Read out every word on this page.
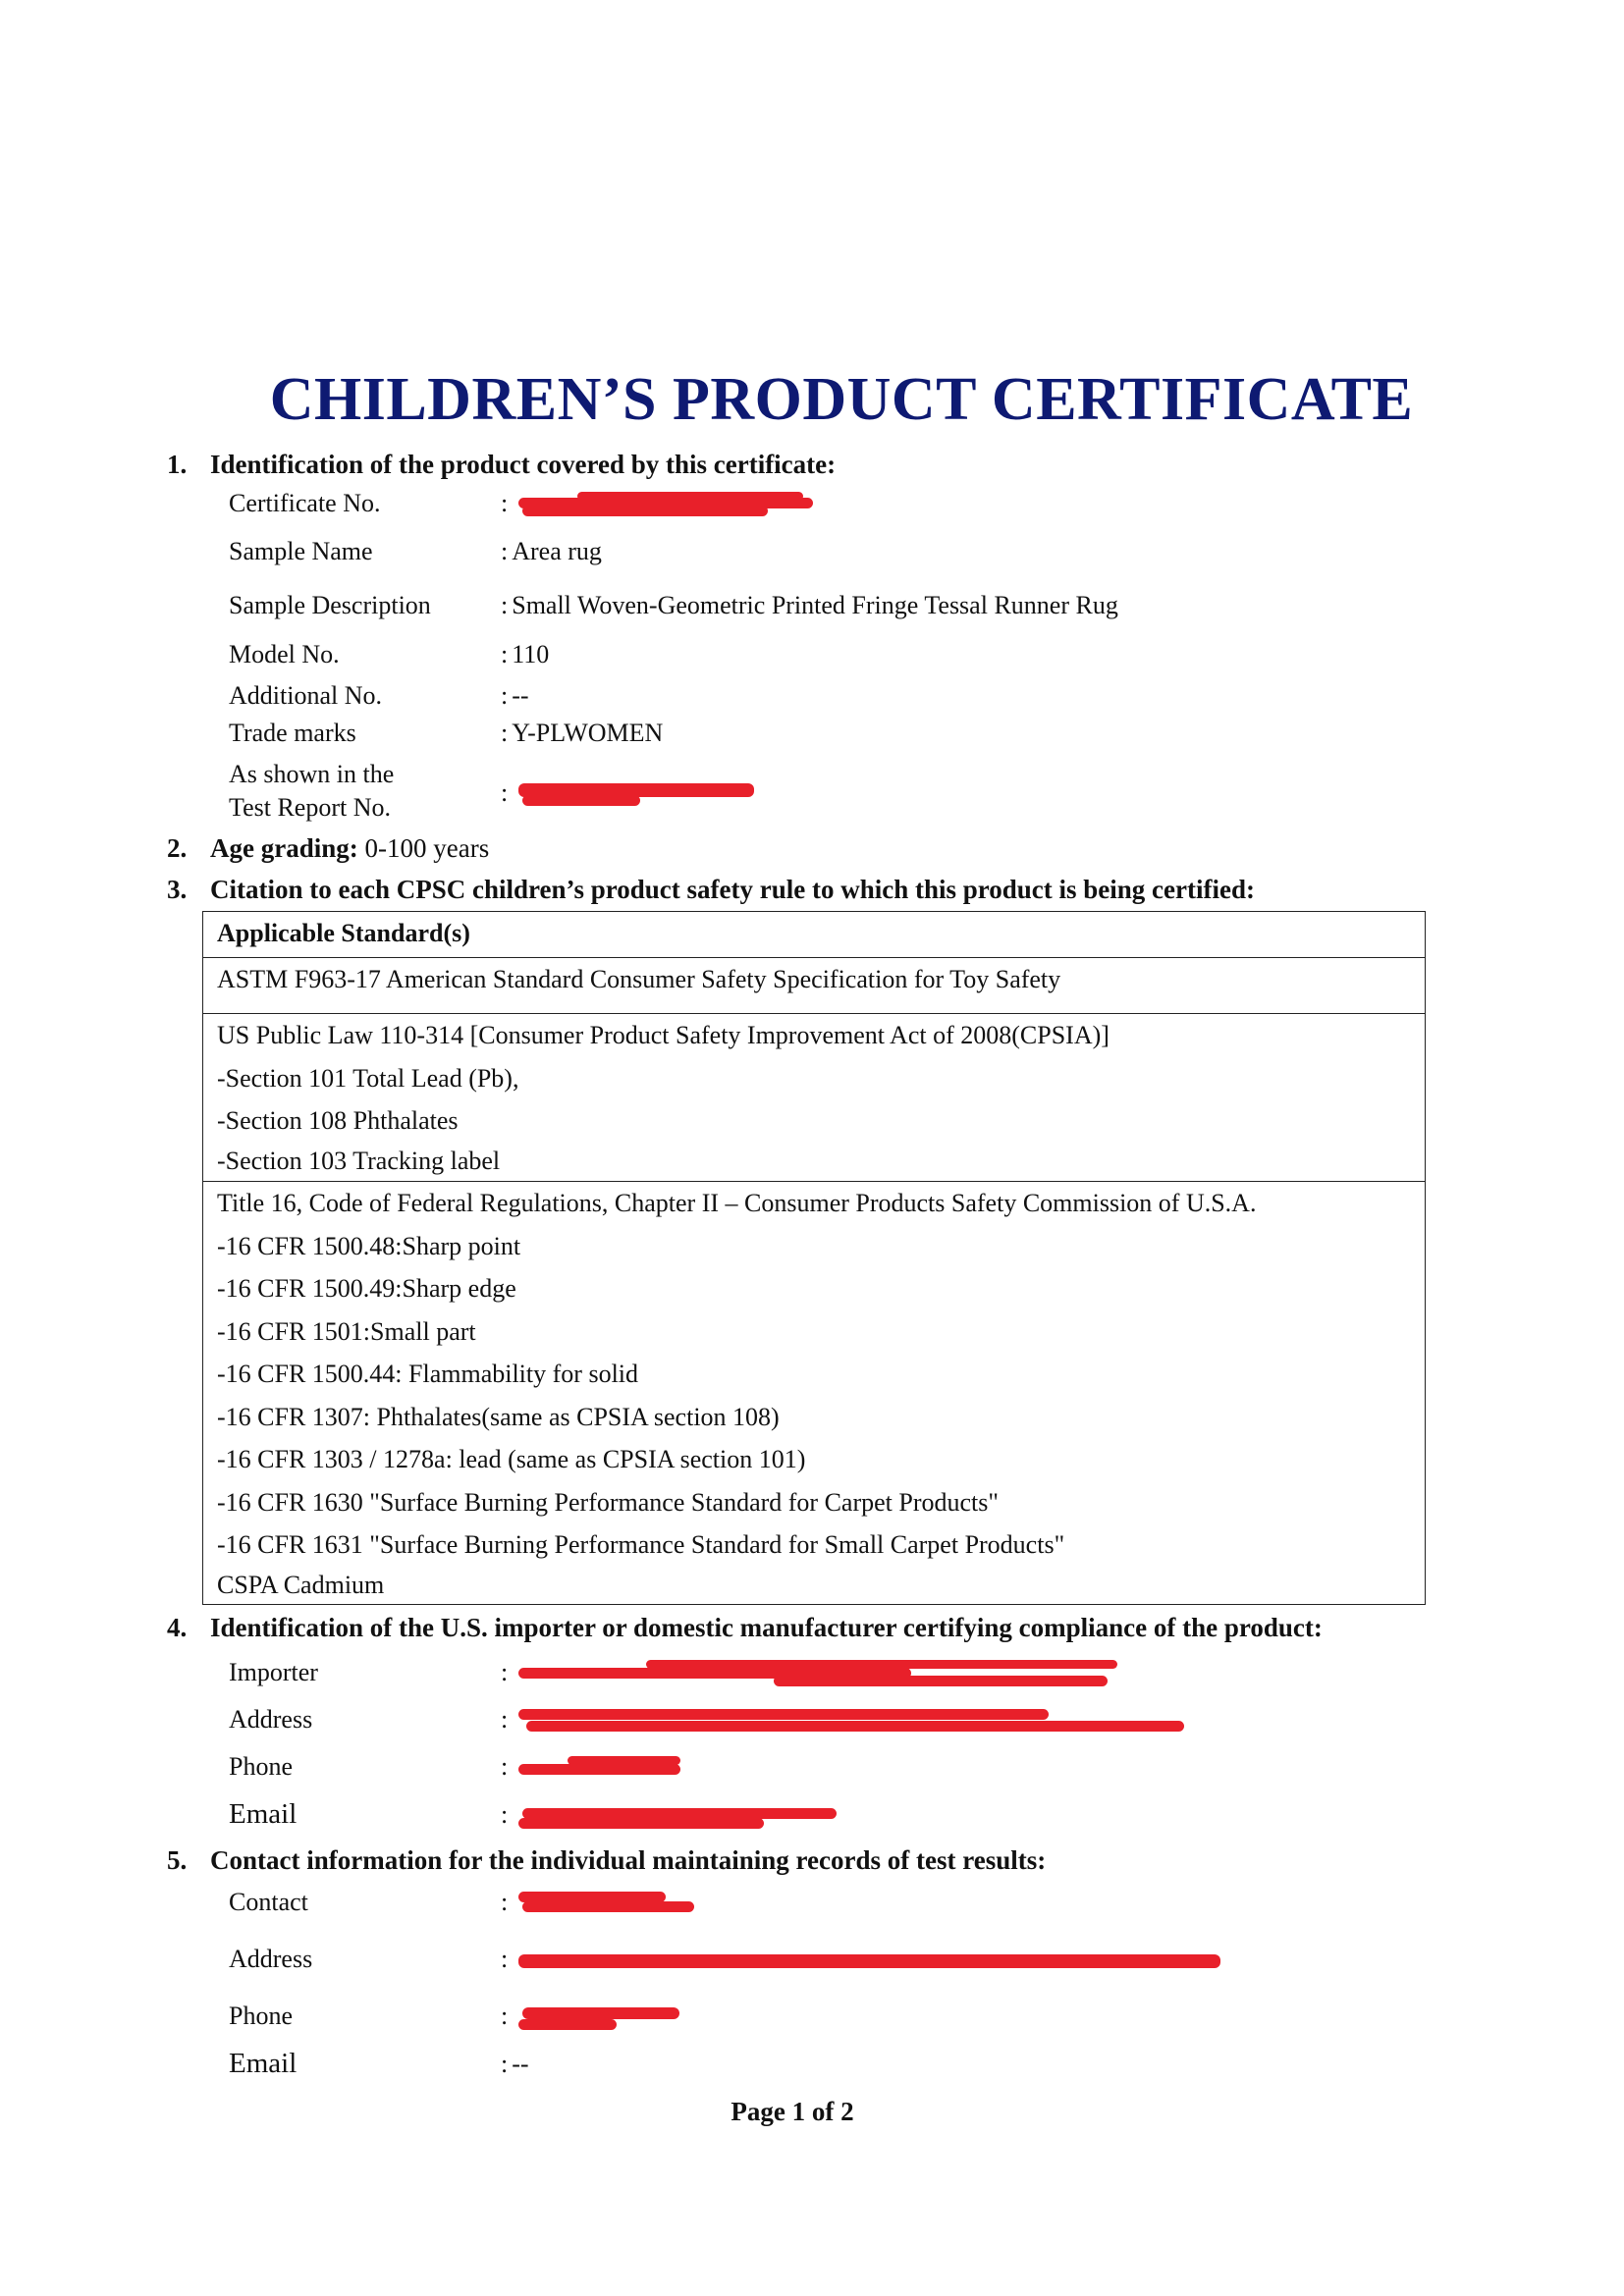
CHILDREN’S PRODUCT CERTIFICATE
1. Identification of the product covered by this certificate:
Certificate No.	:
Sample Name	: Area rug
Sample Description	: Small Woven-Geometric Printed Fringe Tessal Runner Rug
Model No.	: 110
Additional No.	: --
Trade marks	: Y-PLWOMEN
As shown in the
Test Report No.
:
2. Age grading: 0-100 years
3. Citation to each CPSC children’s product safety rule to which this product is being certified:
Applicable Standard(s)

ASTM F963-17 American Standard Consumer Safety Specification for Toy Safety

US Public Law 110-314 [Consumer Product Safety Improvement Act of 2008(CPSIA)]
-Section 101 Total Lead (Pb),
-Section 108 Phthalates
-Section 103 Tracking label

Title 16, Code of Federal Regulations, Chapter II – Consumer Products Safety Commission of U.S.A.
-16 CFR 1500.48:Sharp point
-16 CFR 1500.49:Sharp edge
-16 CFR 1501:Small part
-16 CFR 1500.44: Flammability for solid
-16 CFR 1307: Phthalates(same as CPSIA section 108)
-16 CFR 1303 / 1278a: lead (same as CPSIA section 101)
-16 CFR 1630 "Surface Burning Performance Standard for Carpet Products"
-16 CFR 1631 "Surface Burning Performance Standard for Small Carpet Products"
CSPA Cadmium
4. Identification of the U.S. importer or domestic manufacturer certifying compliance of the product:
Importer	:
Address	:
Phone	:
Email	:
5. Contact information for the individual maintaining records of test results:
Contact	:
Address	:
Phone	:
Email	: --
Page 1 of 2
